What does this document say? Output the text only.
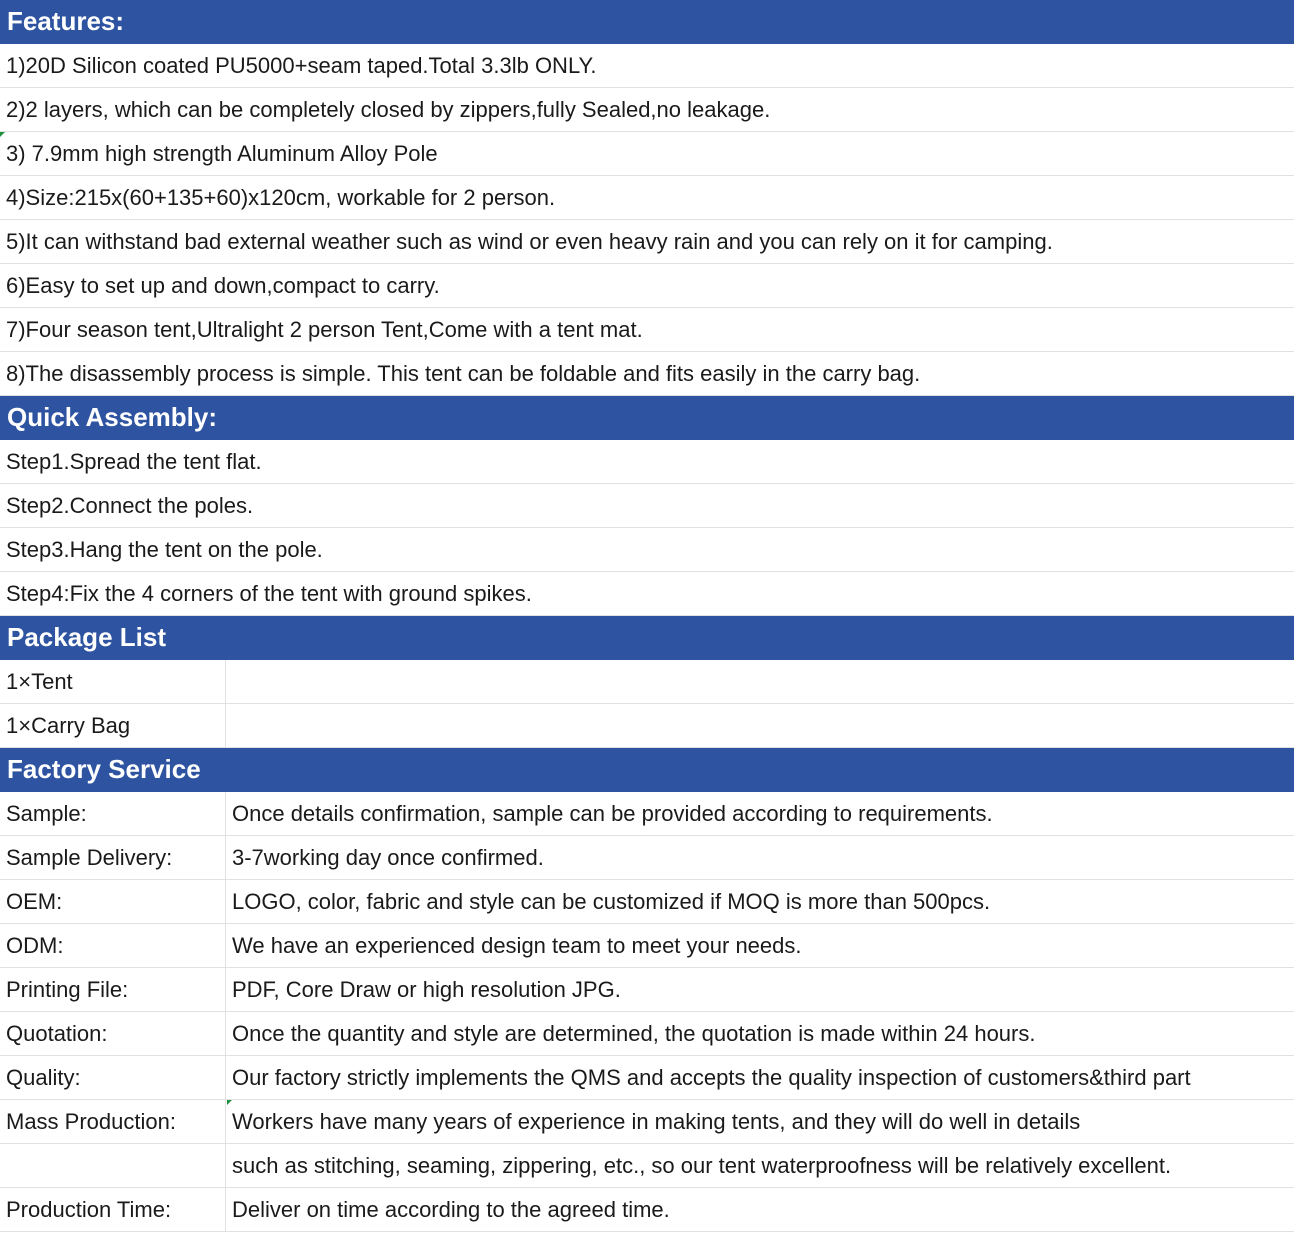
Features:
1)20D Silicon coated PU5000+seam taped.Total 3.3lb ONLY.
2)2 layers, which can be completely closed by zippers,fully Sealed,no leakage.
3) 7.9mm high strength Aluminum Alloy Pole
4)Size:215x(60+135+60)x120cm, workable for 2 person.
5)It can withstand bad external weather such as wind or even heavy rain and you can rely on it for camping.
6)Easy to set up and down,compact to carry.
7)Four season tent,Ultralight 2 person Tent,Come with a tent mat.
8)The disassembly process is simple. This tent can be foldable and fits easily in the carry bag.
Quick Assembly:
Step1.Spread the tent flat.
Step2.Connect the poles.
Step3.Hang the tent on the pole.
Step4:Fix the 4 corners of the tent with ground spikes.
Package List
1×Tent
1×Carry Bag
Factory Service
Sample:	Once details confirmation, sample can be provided according to requirements.
Sample Delivery:	3-7working day once confirmed.
OEM:	LOGO, color, fabric and style can be customized if MOQ is more than 500pcs.
ODM:	We have an experienced design team to meet your needs.
Printing File:	PDF, Core Draw or high resolution JPG.
Quotation:	Once the quantity and style are determined, the quotation is made within 24 hours.
Quality:	Our factory strictly implements the QMS and accepts the quality inspection of customers&third part
Mass Production:	Workers have many years of experience in making tents, and they will do well in details
such as stitching, seaming, zippering, etc., so our tent waterproofness will be relatively excellent.
Production Time:	Deliver on time according to the agreed time.
